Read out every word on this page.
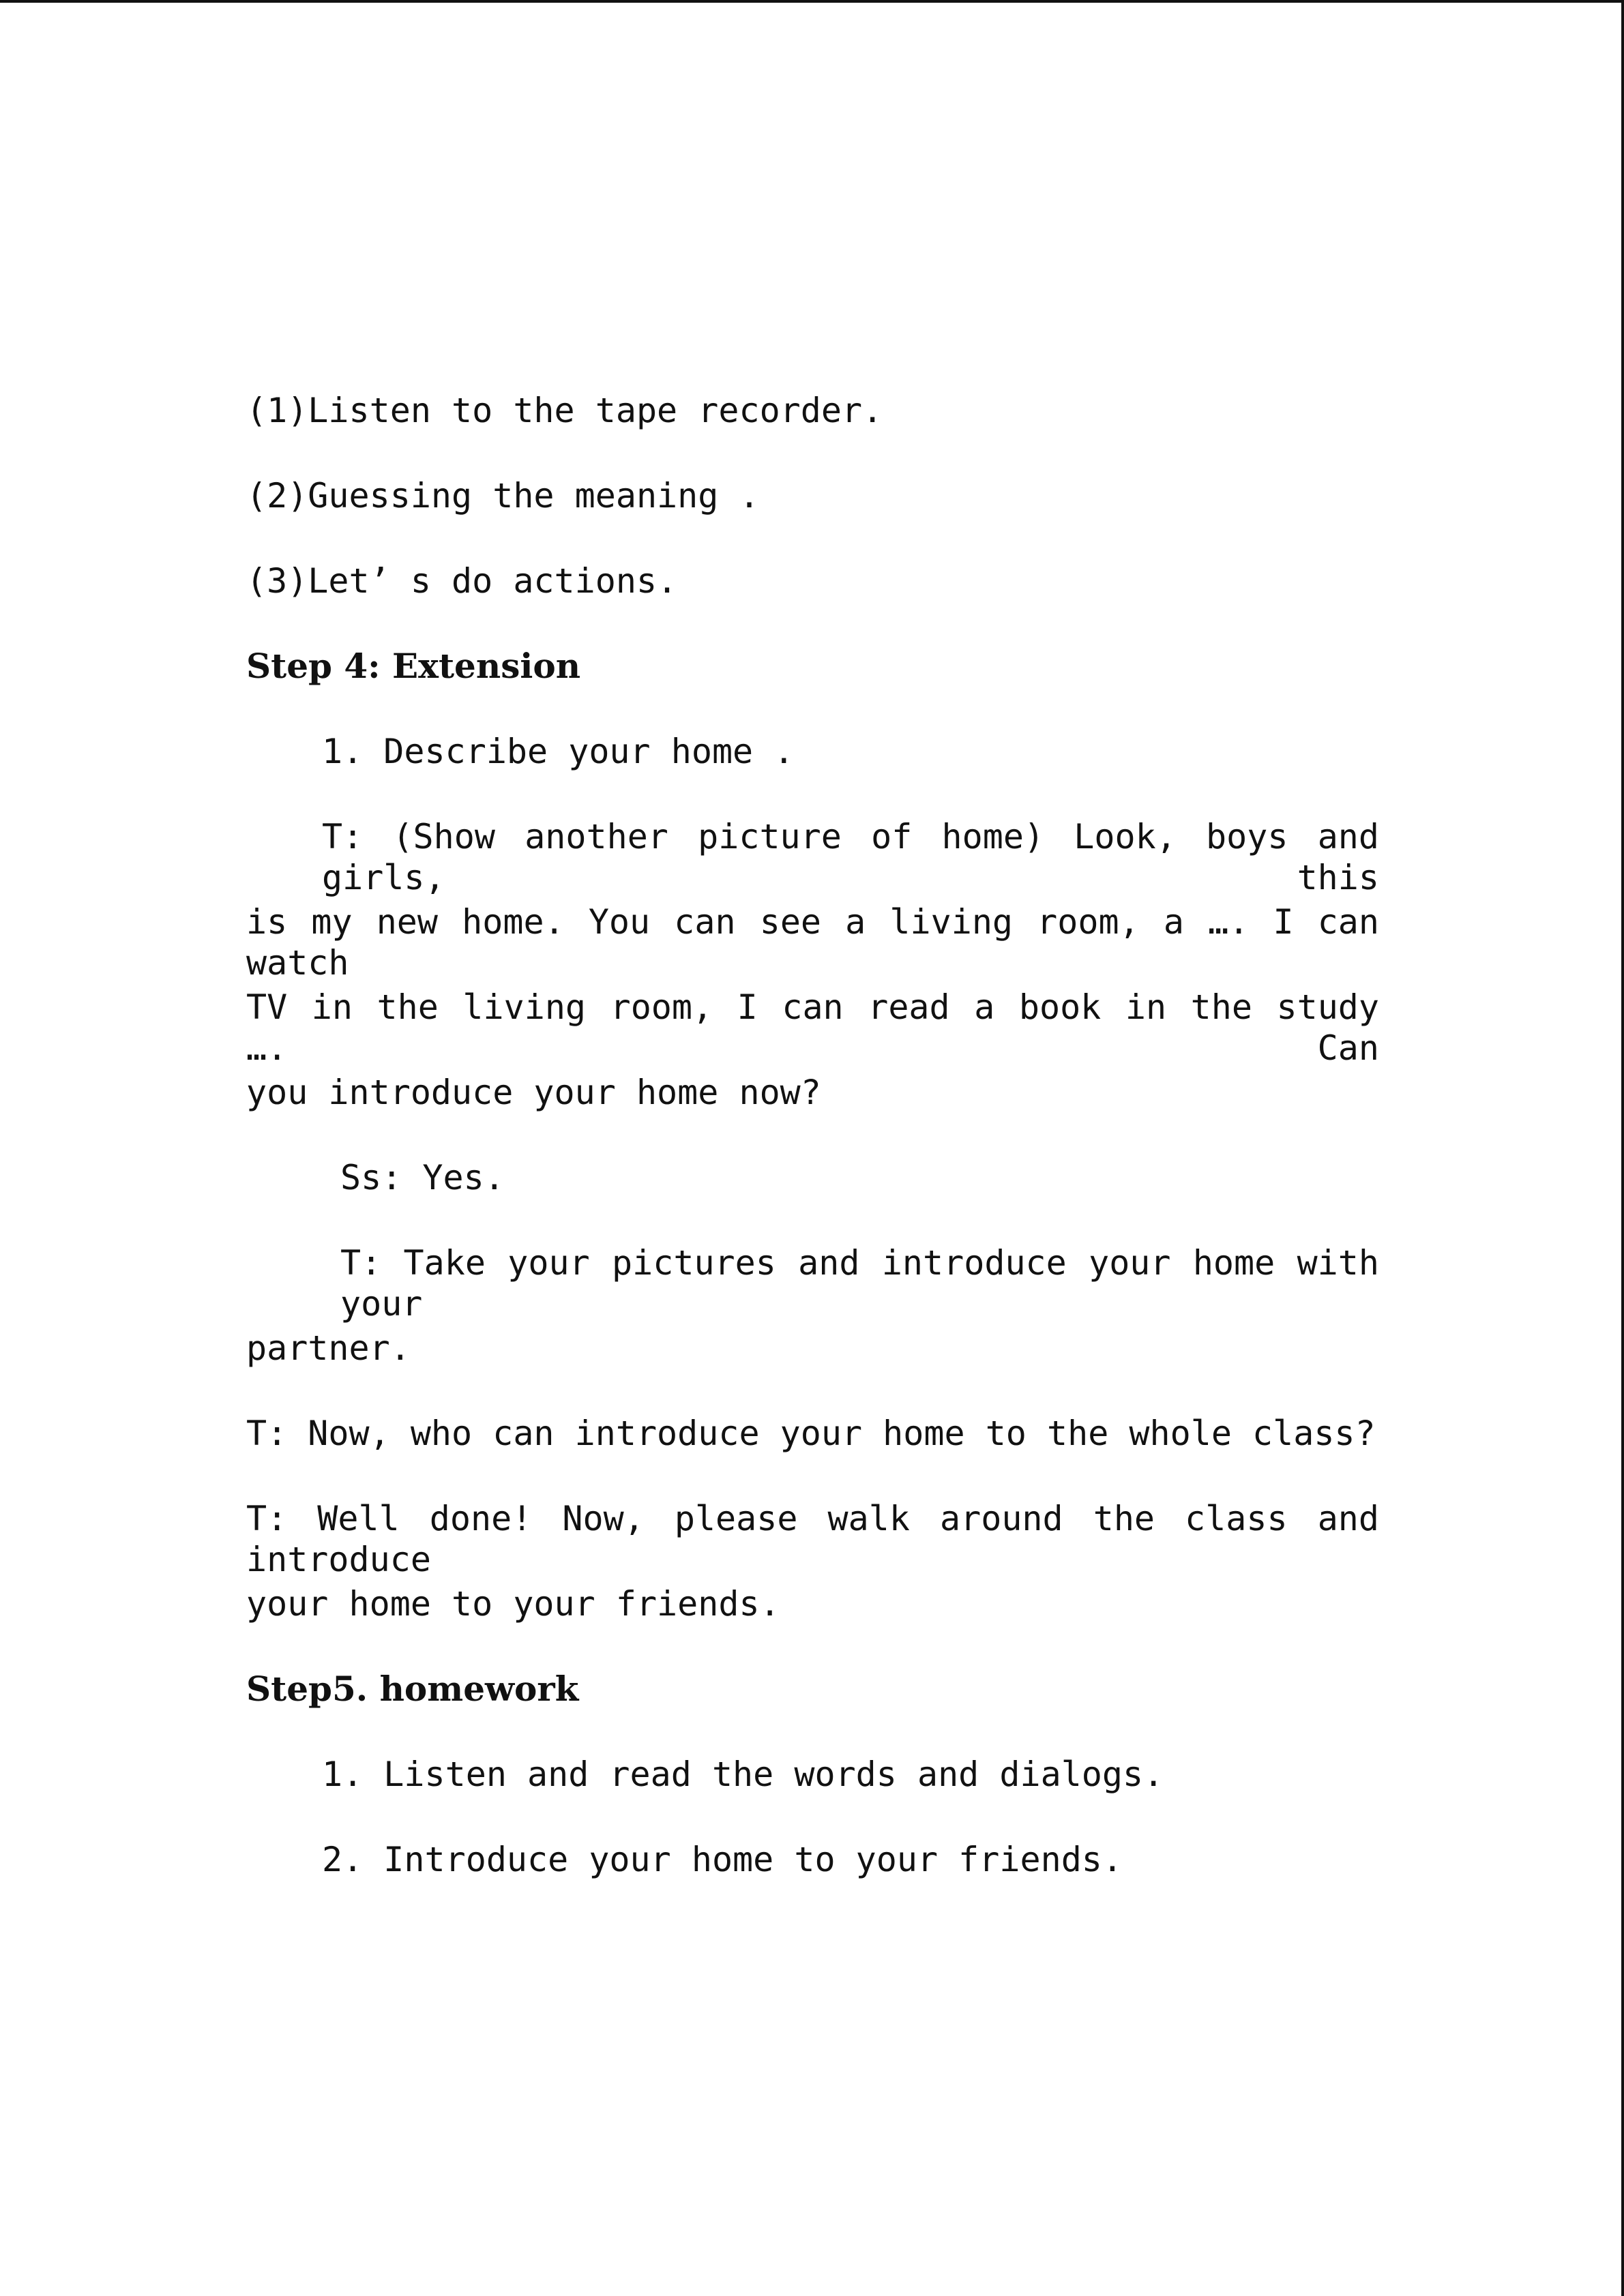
(1)Listen to the tape recorder.
(2)Guessing the meaning .
(3)Let’ s do actions.
Step 4: Extension
1. Describe your home .
T: (Show another picture of home) Look, boys and girls, this
is my new home. You can see a living room, a …. I can watch
TV in the living room, I can read a book in the study …. Can
you introduce your home now?
Ss: Yes.
T: Take your pictures and introduce your home with your
partner.
T: Now, who can introduce your home to the whole class?
T: Well done! Now, please walk around the class and introduce
your home to your friends.
Step5. homework
1. Listen and read the words and dialogs.
2. Introduce your home to your friends.
